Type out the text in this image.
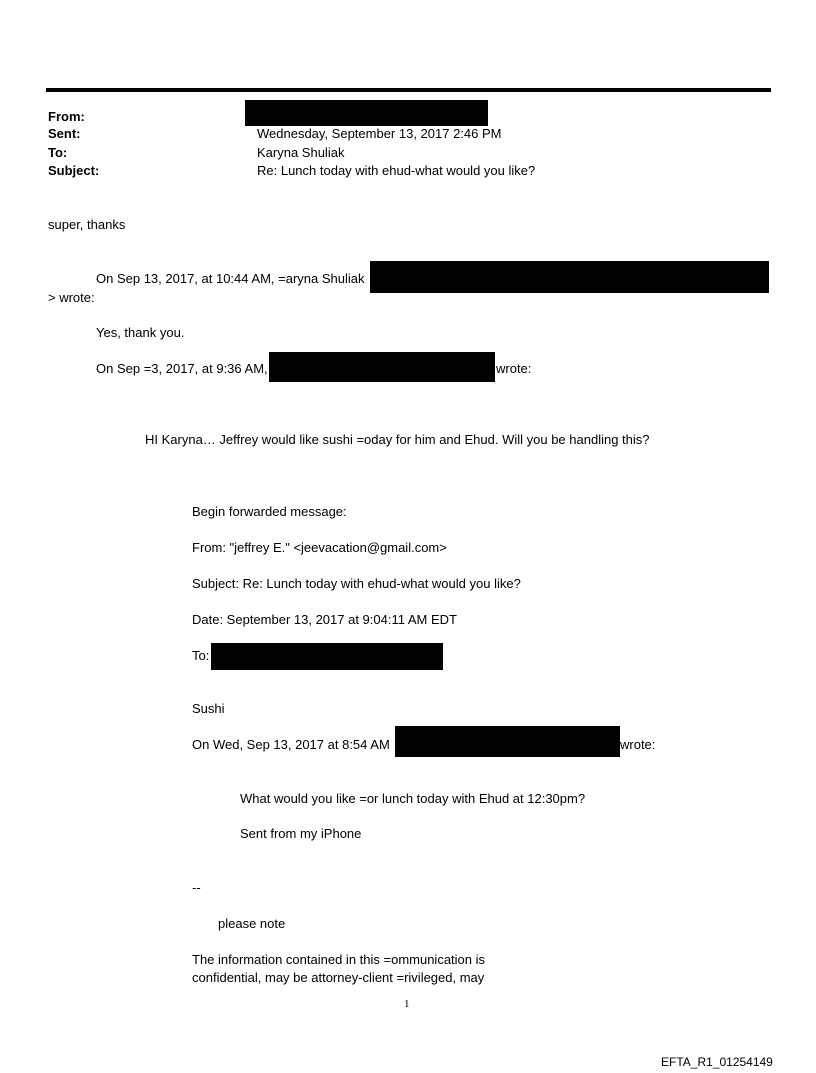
From:
Sent:	Wednesday, September 13, 2017 2:46 PM
To:	Karyna Shuliak
Subject:	Re: Lunch today with ehud-what would you like?
super, thanks
On Sep 13, 2017, at 10:44 AM, =aryna Shuliak
> wrote:
Yes, thank you.
On Sep =3, 2017, at 9:36 AM,	wrote:
HI Karyna… Jeffrey would like sushi =oday for him and Ehud. Will you be handling this?
Begin forwarded message:
From: "jeffrey E." <jeevacation@gmail.com>
Subject: Re: Lunch today with ehud-what would you like?
Date: September 13, 2017 at 9:04:11 AM EDT
To:
Sushi
On Wed, Sep 13, 2017 at 8:54 AM	wrote:
What would you like =or lunch today with Ehud at 12:30pm?
Sent from my iPhone
--
please note
The information contained in this =ommunication is
confidential, may be attorney-client =rivileged, may
1
EFTA_R1_01254149
